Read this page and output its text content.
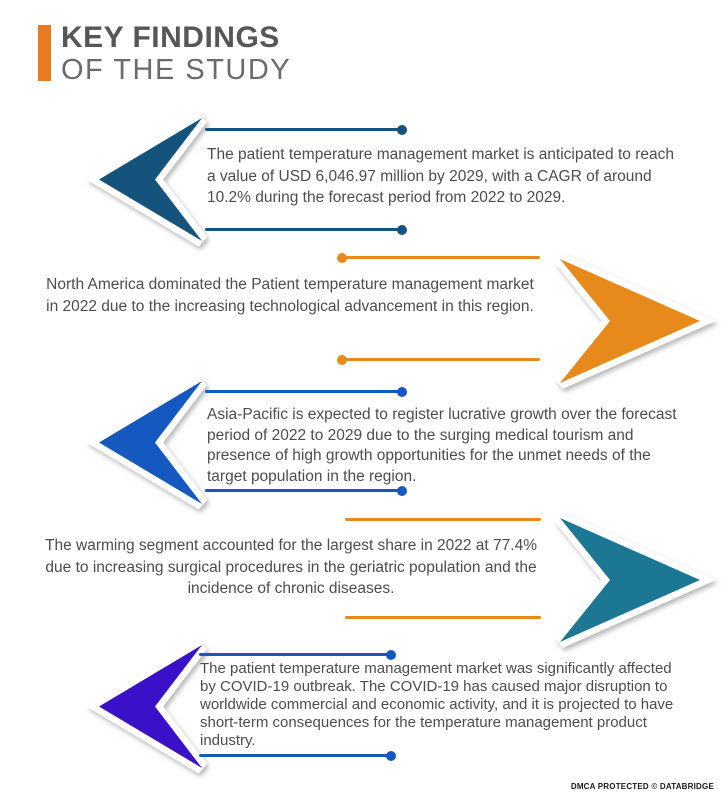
KEY FINDINGS
OF THE STUDY

The patient temperature management market is anticipated to reach a value of USD 6,046.97 million by 2029, with a CAGR of around 10.2% during the forecast period from 2022 to 2029.

North America dominated the Patient temperature management market in 2022 due to the increasing technological advancement in this region.

Asia-Pacific is expected to register lucrative growth over the forecast period of 2022 to 2029 due to the surging medical tourism and presence of high growth opportunities for the unmet needs of the target population in the region.

The warming segment accounted for the largest share in 2022 at 77.4% due to increasing surgical procedures in the geriatric population and the incidence of chronic diseases.

The patient temperature management market was significantly affected by COVID-19 outbreak. The COVID-19 has caused major disruption to worldwide commercial and economic activity, and it is projected to have short-term consequences for the temperature management product industry.

DMCA PROTECTED © DATABRIDGE
